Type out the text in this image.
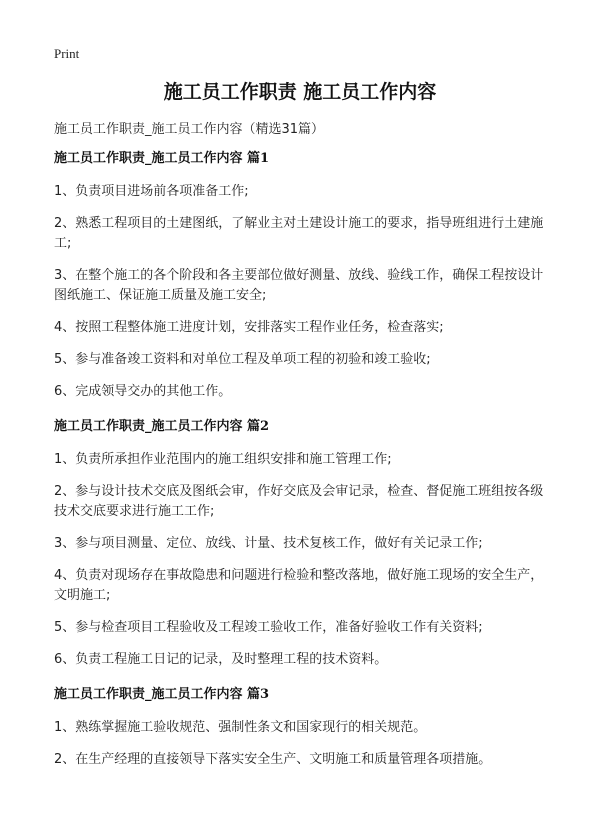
Print
施工员工作职责 施工员工作内容
施工员工作职责_施工员工作内容（精选31篇）
施工员工作职责_施工员工作内容 篇1
1、负责项目进场前各项准备工作;
2、熟悉工程项目的土建图纸，了解业主对土建设计施工的要求，指导班组进行土建施工;
3、在整个施工的各个阶段和各主要部位做好测量、放线、验线工作，确保工程按设计图纸施工、保证施工质量及施工安全;
4、按照工程整体施工进度计划，安排落实工程作业任务，检查落实;
5、参与准备竣工资料和对单位工程及单项工程的初验和竣工验收;
6、完成领导交办的其他工作。
施工员工作职责_施工员工作内容 篇2
1、负责所承担作业范围内的施工组织安排和施工管理工作;
2、参与设计技术交底及图纸会审，作好交底及会审记录，检查、督促施工班组按各级技术交底要求进行施工工作;
3、参与项目测量、定位、放线、计量、技术复核工作，做好有关记录工作;
4、负责对现场存在事故隐患和问题进行检验和整改落地，做好施工现场的安全生产，文明施工;
5、参与检查项目工程验收及工程竣工验收工作，准备好验收工作有关资料;
6、负责工程施工日记的记录，及时整理工程的技术资料。
施工员工作职责_施工员工作内容 篇3
1、熟练掌握施工验收规范、强制性条文和国家现行的相关规范。
2、在生产经理的直接领导下落实安全生产、文明施工和质量管理各项措施。
